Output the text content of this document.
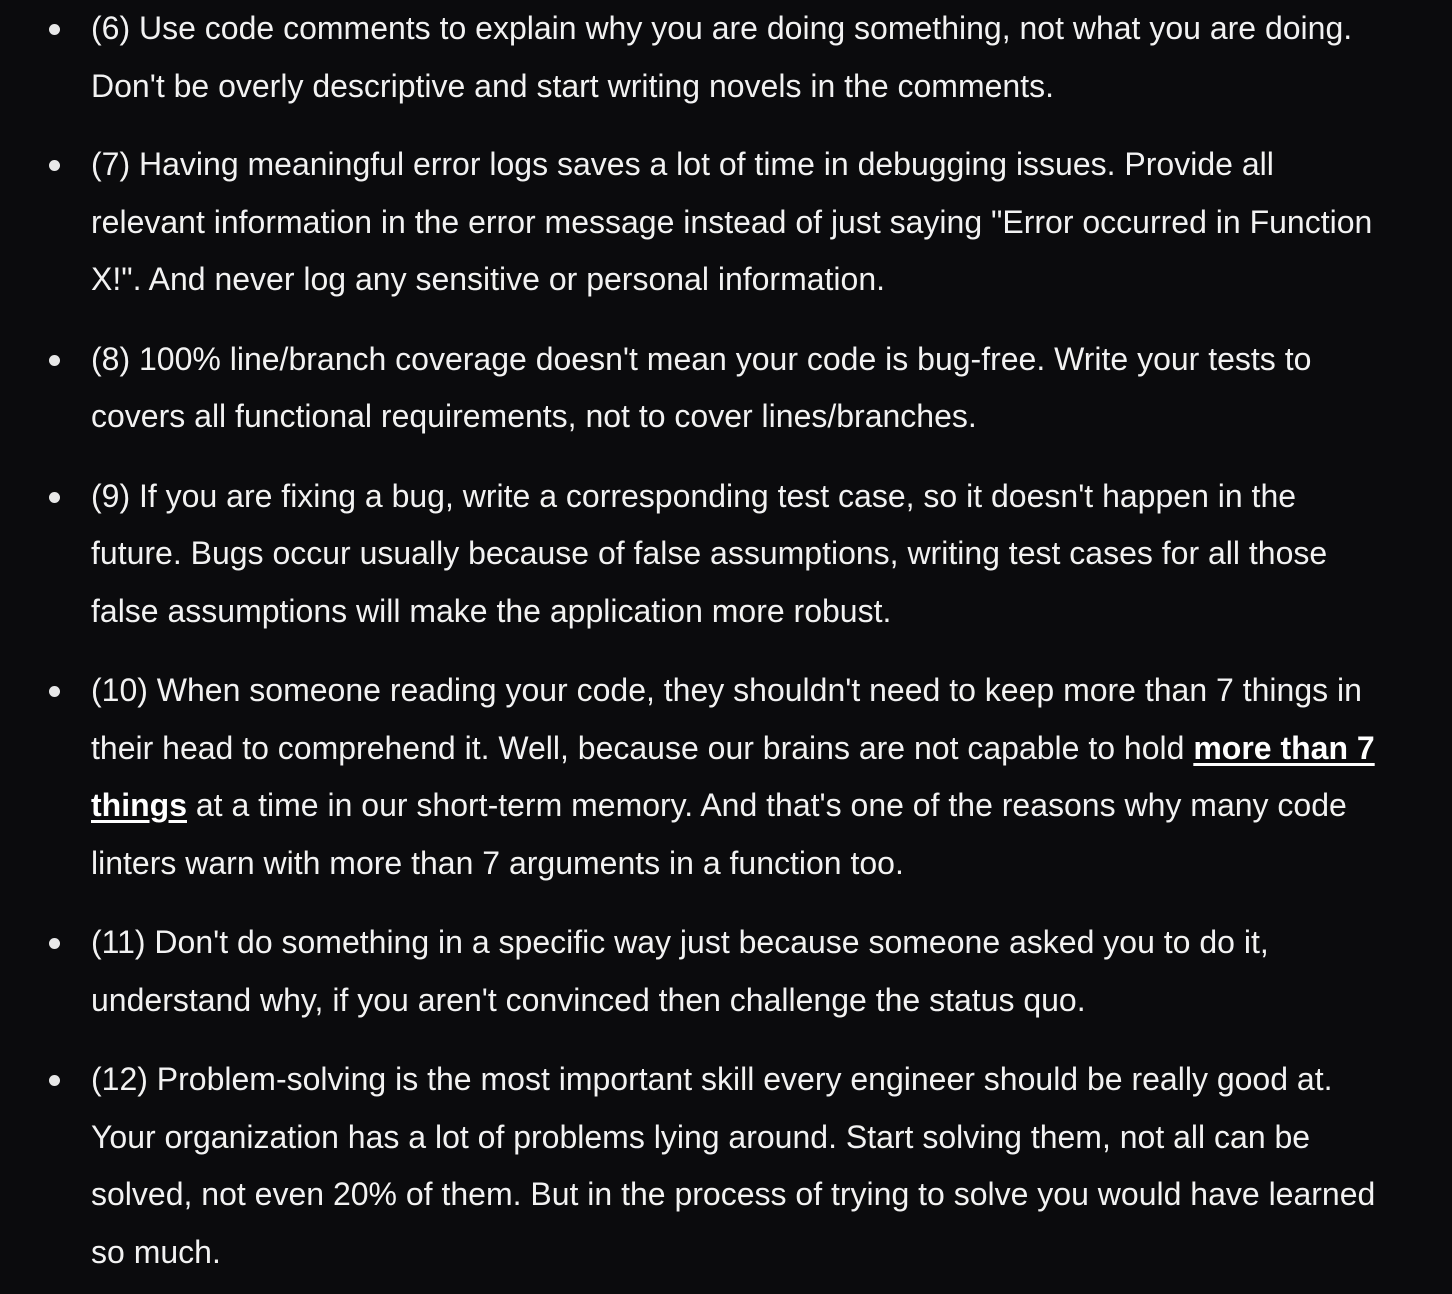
(6) Use code comments to explain why you are doing something, not what you are doing. Don't be overly descriptive and start writing novels in the comments.
(7) Having meaningful error logs saves a lot of time in debugging issues. Provide all relevant information in the error message instead of just saying "Error occurred in Function X!". And never log any sensitive or personal information.
(8) 100% line/branch coverage doesn't mean your code is bug-free. Write your tests to covers all functional requirements, not to cover lines/branches.
(9) If you are fixing a bug, write a corresponding test case, so it doesn't happen in the future. Bugs occur usually because of false assumptions, writing test cases for all those false assumptions will make the application more robust.
(10) When someone reading your code, they shouldn't need to keep more than 7 things in their head to comprehend it. Well, because our brains are not capable to hold more than 7 things at a time in our short-term memory. And that's one of the reasons why many code linters warn with more than 7 arguments in a function too.
(11) Don't do something in a specific way just because someone asked you to do it, understand why, if you aren't convinced then challenge the status quo.
(12) Problem-solving is the most important skill every engineer should be really good at. Your organization has a lot of problems lying around. Start solving them, not all can be solved, not even 20% of them. But in the process of trying to solve you would have learned so much.
